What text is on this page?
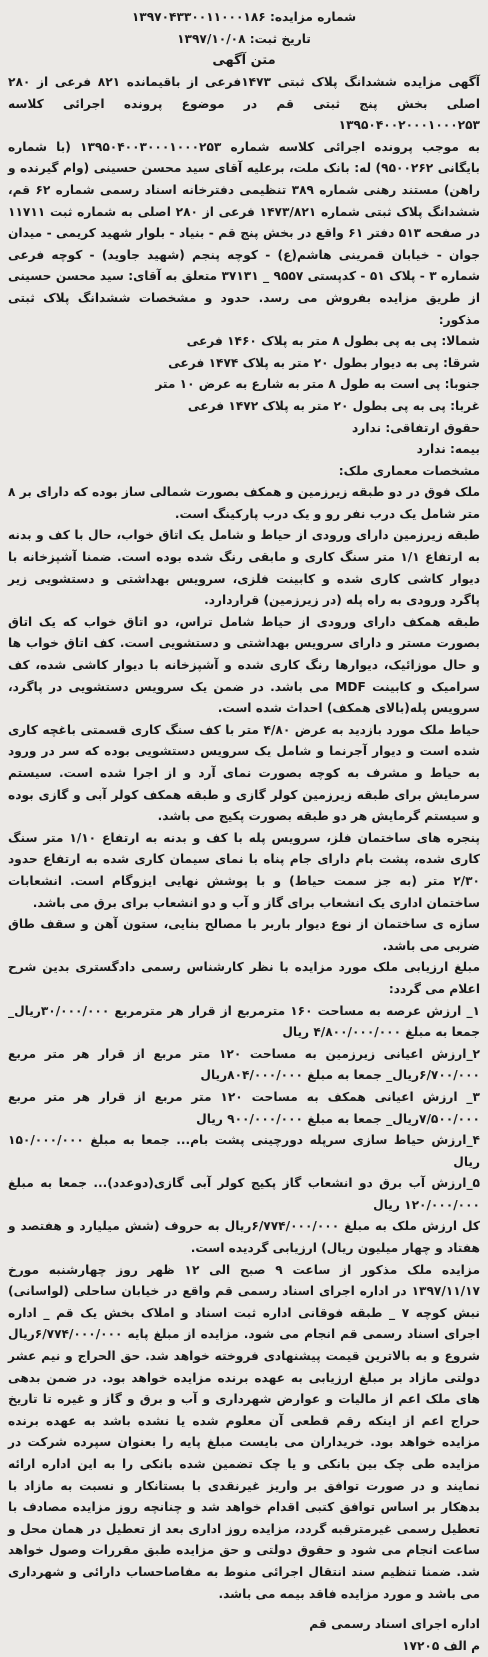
شماره مزایده: ۱۳۹۷۰۴۳۳۰۰۱۱۰۰۰۱۸۶
تاریخ ثبت: ۱۳۹۷/۱۰/۰۸
متن آگهی

آگهی مزایده ششدانگ پلاک ثبتی ۱۴۷۳فرعی از باقیمانده ۸۲۱ فرعی از ۲۸۰ اصلی بخش پنج ثبتی قم در موضوع پرونده اجرائی کلاسه ۱۳۹۵۰۴۰۰۲۰۰۰۱۰۰۰۲۵۳

به موجب پرونده اجرائی کلاسه شماره ۱۳۹۵۰۴۰۰۳۰۰۰۱۰۰۰۲۵۳ (با شماره بایگانی ۹۵۰۰۲۶۲) له: بانک ملت، برعلیه آقای سید محسن حسینی (وام گیرنده و راهن) مستند رهنی شماره ۳۸۹ تنظیمی دفترخانه اسناد رسمی شماره ۶۲ قم، ششدانگ پلاک ثبتی شماره ۱۴۷۳/۸۲۱ فرعی از ۲۸۰ اصلی به شماره ثبت ۱۱۷۱۱ در صفحه ۵۱۳ دفتر ۶۱ واقع در بخش پنج قم - بنیاد - بلوار شهید کریمی - میدان جوان - خیابان قمرینی هاشم(ع) - کوچه پنجم (شهید جاوید) - کوچه فرعی شماره ۳ - پلاک ۵۱ - کدپستی ۹۵۵۷ _ ۳۷۱۳۱ متعلق به آقای: سید محسن حسینی از طریق مزایده بفروش می رسد. حدود و مشخصات ششدانگ پلاک ثبتی مذکور:

شمالا: پی به پی بطول ۸ متر به پلاک ۱۴۶۰ فرعی
شرقا: پی به دیوار بطول ۲۰ متر به پلاک ۱۴۷۴ فرعی
جنوبا: پی است به طول ۸ متر به شارع به عرض ۱۰ متر
غربا: پی به پی بطول ۲۰ متر به پلاک ۱۴۷۲ فرعی
حقوق ارتفاقی: ندارد
بیمه: ندارد
مشخصات معماری ملک:

ملک فوق در دو طبقه زیرزمین و همکف بصورت شمالی ساز بوده که دارای بر ۸ متر شامل یک درب نفر رو و یک درب پارکینگ است.

طبقه زیرزمین دارای ورودی از حیاط و شامل یک اتاق خواب، حال با کف و بدنه به ارتفاع ۱/۱ متر سنگ کاری و مابقی رنگ شده بوده است. ضمنا آشپزخانه با دیوار کاشی کاری شده و کابینت فلزی، سرویس بهداشتی و دستشویی زیر پاگرد ورودی به راه پله (در زیرزمین) قراردارد.

طبقه همکف دارای ورودی از حیاط شامل تراس، دو اتاق خواب که یک اتاق بصورت مستر و دارای سرویس بهداشتی و دستشویی است. کف اتاق خواب ها و حال موزائیک، دیوارها رنگ کاری شده و آشپزخانه با دیوار کاشی شده، کف سرامیک و کابینت MDF می باشد. در ضمن یک سرویس دستشویی در پاگرد، سرویس پله(بالای همکف) احداث شده است.

حیاط ملک مورد بازدید به عرض ۴/۸۰ متر با کف سنگ کاری قسمتی باغچه کاری شده است و دیوار آجرنما و شامل یک سرویس دستشویی بوده که سر در ورود به حیاط و مشرف به کوچه بصورت نمای آرد و از اجرا شده است. سیستم سرمایش برای طبقه زیرزمین کولر گازی و طبقه همکف کولر آبی و گازی بوده و سیستم گرمایش هر دو طبقه بصورت پکیج می باشد.

پنجره های ساختمان فلز، سرویس پله با کف و بدنه به ارتفاع ۱/۱۰ متر سنگ کاری شده، پشت بام دارای جام پناه با نمای سیمان کاری شده به ارتفاع حدود ۲/۳۰ متر (به جز سمت حیاط) و با پوشش نهایی ایزوگام است. انشعابات ساختمان اداری یک انشعاب برای گاز و آب و دو انشعاب برای برق می باشد.

سازه ی ساختمان از نوع دیوار باربر با مصالح بنایی، ستون آهن و سقف طاق ضربی می باشد.

مبلغ ارزیابی ملک مورد مزایده با نظر کارشناس رسمی دادگستری بدین شرح اعلام می گردد:

۱_ ارزش عرصه به مساحت ۱۶۰ مترمربع از قرار هر مترمربع ۳۰/۰۰۰/۰۰۰ریال_ جمعا به مبلغ ۴/۸۰۰/۰۰۰/۰۰۰ ریال

۲_ارزش اعیانی زیرزمین به مساحت ۱۲۰ متر مربع از قرار هر متر مربع ۶/۷۰۰/۰۰۰ریال_ جمعا به مبلغ ۸۰۴/۰۰۰/۰۰۰ریال

۳_ ارزش اعیانی همکف به مساحت ۱۲۰ متر مربع از قرار هر متر مربع ۷/۵۰۰/۰۰۰ریال_ جمعا به مبلغ ۹۰۰/۰۰۰/۰۰۰ ریال

۴_ارزش حیاط سازی سرپله دورچینی پشت بام... جمعا به مبلغ ۱۵۰/۰۰۰/۰۰۰ ریال

۵_ارزش آب برق دو انشعاب گاز پکیج کولر آبی گازی(دوعدد)... جمعا به مبلغ ۱۲۰/۰۰۰/۰۰۰ ریال

کل ارزش ملک به مبلغ ۶/۷۷۴/۰۰۰/۰۰۰ریال به حروف (شش میلیارد و هفتصد و هفتاد و چهار میلیون ریال) ارزیابی گردیده است.

مزایده ملک مذکور از ساعت ۹ صبح الی ۱۲ ظهر روز چهارشنبه مورخ ۱۳۹۷/۱۱/۱۷ در اداره اجرای اسناد رسمی قم واقع در خیابان ساحلی (لواسانی) نبش کوچه ۷ _ طبقه فوقانی اداره ثبت اسناد و املاک بخش یک قم _ اداره اجرای اسناد رسمی قم انجام می شود. مزایده از مبلغ پایه ۶/۷۷۴/۰۰۰/۰۰۰ریال شروع و به بالاترین قیمت پیشنهادی فروخته خواهد شد. حق الحراج و نیم عشر دولتی مازاد بر مبلغ ارزیابی به عهده برنده مزایده خواهد بود. در ضمن بدهی های ملک اعم از مالیات و عوارض شهرداری و آب و برق و گاز و غیره تا تاریخ حراج اعم از اینکه رقم قطعی آن معلوم شده یا نشده باشد به عهده برنده مزایده خواهد بود. خریداران می بایست مبلغ پایه را بعنوان سپرده شرکت در مزایده طی چک بین بانکی و یا چک تضمین شده بانکی را به این اداره ارائه نمایند و در صورت توافق بر واریز غیرنقدی با بستانکار و نسبت به مازاد با بدهکار بر اساس توافق کتبی اقدام خواهد شد و چنانچه روز مزایده مصادف با تعطیل رسمی غیرمترقبه گردد، مزایده روز اداری بعد از تعطیل در همان محل و ساعت انجام می شود و حقوق دولتی و حق مزایده طبق مقررات وصول خواهد شد. ضمنا تنظیم سند انتقال اجرائی منوط به مفاصاحساب دارائی و شهرداری می باشد و مورد مزایده فاقد بیمه می باشد.

اداره اجرای اسناد رسمی قم
م الف ۱۷۲۰۵
